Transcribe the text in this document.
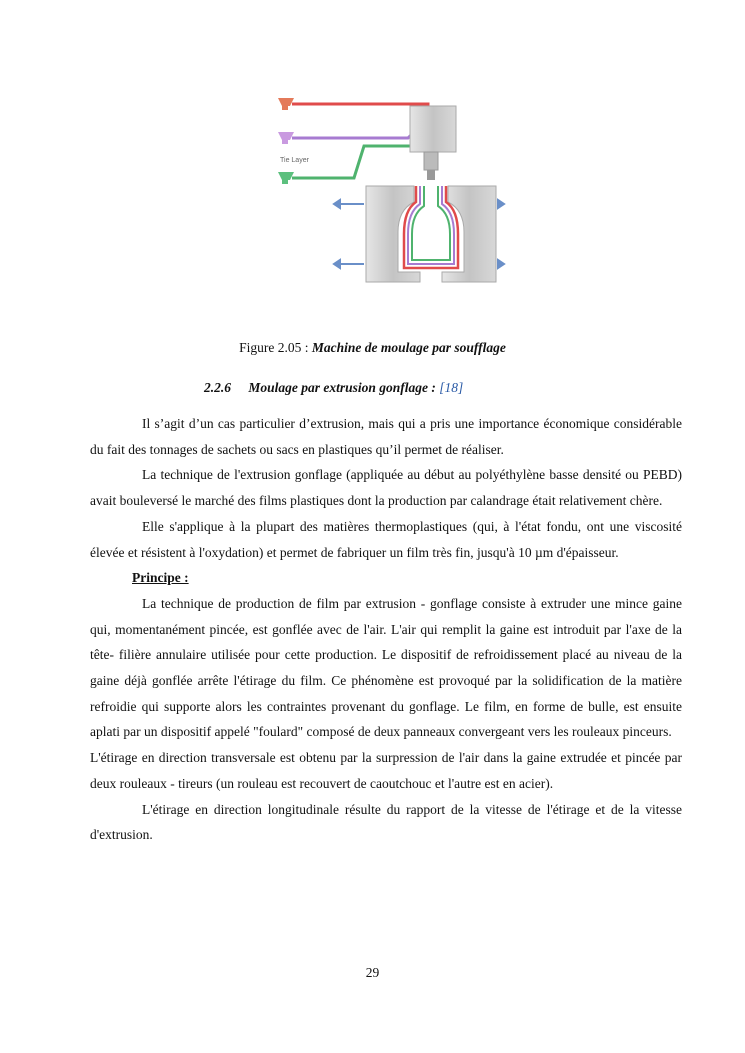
Tie Layer
Figure 2.05 : Machine de moulage par soufflage
2.2.6 Moulage par extrusion gonflage : [18]

Il s’agit d’un cas particulier d’extrusion, mais qui a pris une importance économique considérable du fait des tonnages de sachets ou sacs en plastiques qu’il permet de réaliser.

La technique de l'extrusion gonflage (appliquée au début au polyéthylène basse densité ou PEBD) avait bouleversé le marché des films plastiques dont la production par calandrage était relativement chère.

Elle s'applique à la plupart des matières thermoplastiques (qui, à l'état fondu, ont une viscosité élevée et résistent à l'oxydation) et permet de fabriquer un film très fin, jusqu'à 10 µm d'épaisseur.

Principe :

La technique de production de film par extrusion - gonflage consiste à extruder une mince gaine qui, momentanément pincée, est gonflée avec de l'air. L'air qui remplit la gaine est introduit par l'axe de la tête- filière annulaire utilisée pour cette production. Le dispositif de refroidissement placé au niveau de la gaine déjà gonflée arrête l'étirage du film. Ce phénomène est provoqué par la solidification de la matière refroidie qui supporte alors les contraintes provenant du gonflage. Le film, en forme de bulle, est ensuite aplati par un dispositif appelé "foulard" composé de deux panneaux convergeant vers les rouleaux pinceurs.

L'étirage en direction transversale est obtenu par la surpression de l'air dans la gaine extrudée et pincée par deux rouleaux - tireurs (un rouleau est recouvert de caoutchouc et l'autre est en acier).

L'étirage en direction longitudinale résulte du rapport de la vitesse de l'étirage et de la vitesse d'extrusion.

29
